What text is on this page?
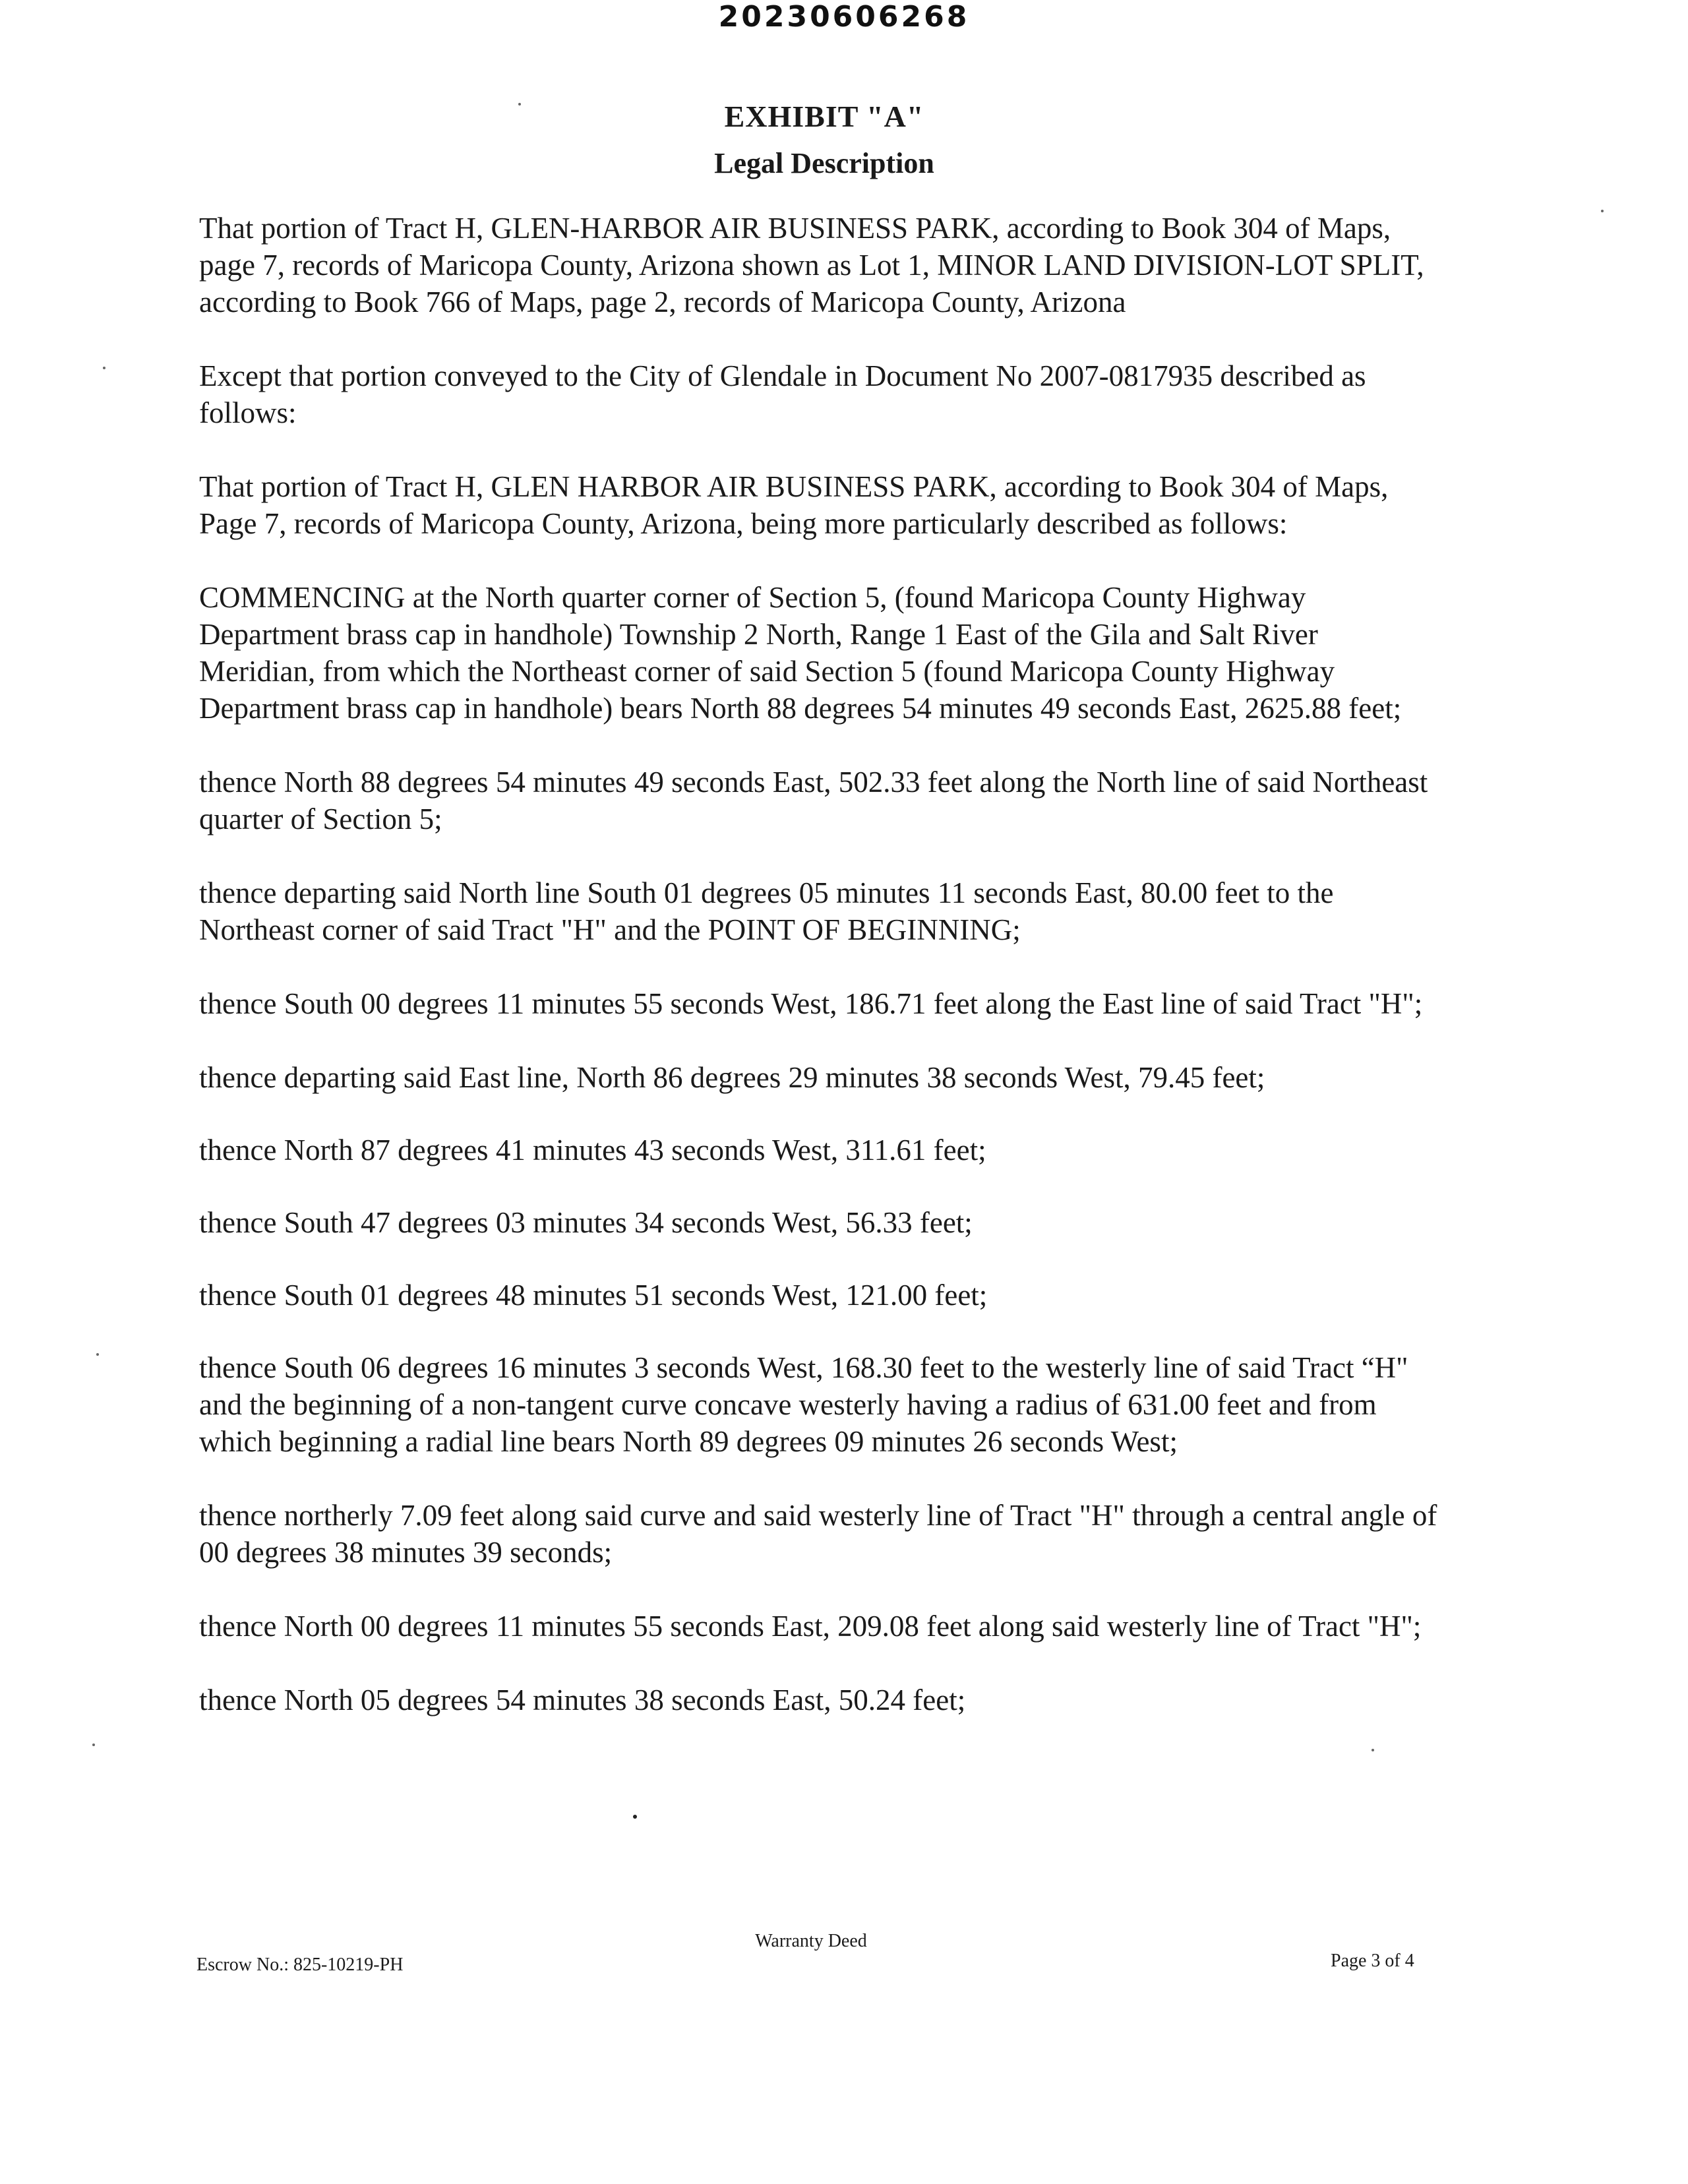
20230606268
EXHIBIT "A"
Legal Description

That portion of Tract H, GLEN-HARBOR AIR BUSINESS PARK, according to Book 304 of Maps, page 7, records of Maricopa County, Arizona shown as Lot 1, MINOR LAND DIVISION-LOT SPLIT, according to Book 766 of Maps, page 2, records of Maricopa County, Arizona

Except that portion conveyed to the City of Glendale in Document No 2007-0817935 described as follows:

That portion of Tract H, GLEN HARBOR AIR BUSINESS PARK, according to Book 304 of Maps, Page 7, records of Maricopa County, Arizona, being more particularly described as follows:

COMMENCING at the North quarter corner of Section 5, (found Maricopa County Highway Department brass cap in handhole) Township 2 North, Range 1 East of the Gila and Salt River Meridian, from which the Northeast corner of said Section 5 (found Maricopa County Highway Department brass cap in handhole) bears North 88 degrees 54 minutes 49 seconds East, 2625.88 feet;

thence North 88 degrees 54 minutes 49 seconds East, 502.33 feet along the North line of said Northeast quarter of Section 5;

thence departing said North line South 01 degrees 05 minutes 11 seconds East, 80.00 feet to the Northeast corner of said Tract "H" and the POINT OF BEGINNING;

thence South 00 degrees 11 minutes 55 seconds West, 186.71 feet along the East line of said Tract "H";

thence departing said East line, North 86 degrees 29 minutes 38 seconds West, 79.45 feet;

thence North 87 degrees 41 minutes 43 seconds West, 311.61 feet;

thence South 47 degrees 03 minutes 34 seconds West, 56.33 feet;

thence South 01 degrees 48 minutes 51 seconds West, 121.00 feet;

thence South 06 degrees 16 minutes 3 seconds West, 168.30 feet to the westerly line of said Tract “H" and the beginning of a non-tangent curve concave westerly having a radius of 631.00 feet and from which beginning a radial line bears North 89 degrees 09 minutes 26 seconds West;

thence northerly 7.09 feet along said curve and said westerly line of Tract "H" through a central angle of 00 degrees 38 minutes 39 seconds;

thence North 00 degrees 11 minutes 55 seconds East, 209.08 feet along said westerly line of Tract "H";

thence North 05 degrees 54 minutes 38 seconds East, 50.24 feet;

Warranty Deed
Escrow No.: 825-10219-PH	Page 3 of 4
